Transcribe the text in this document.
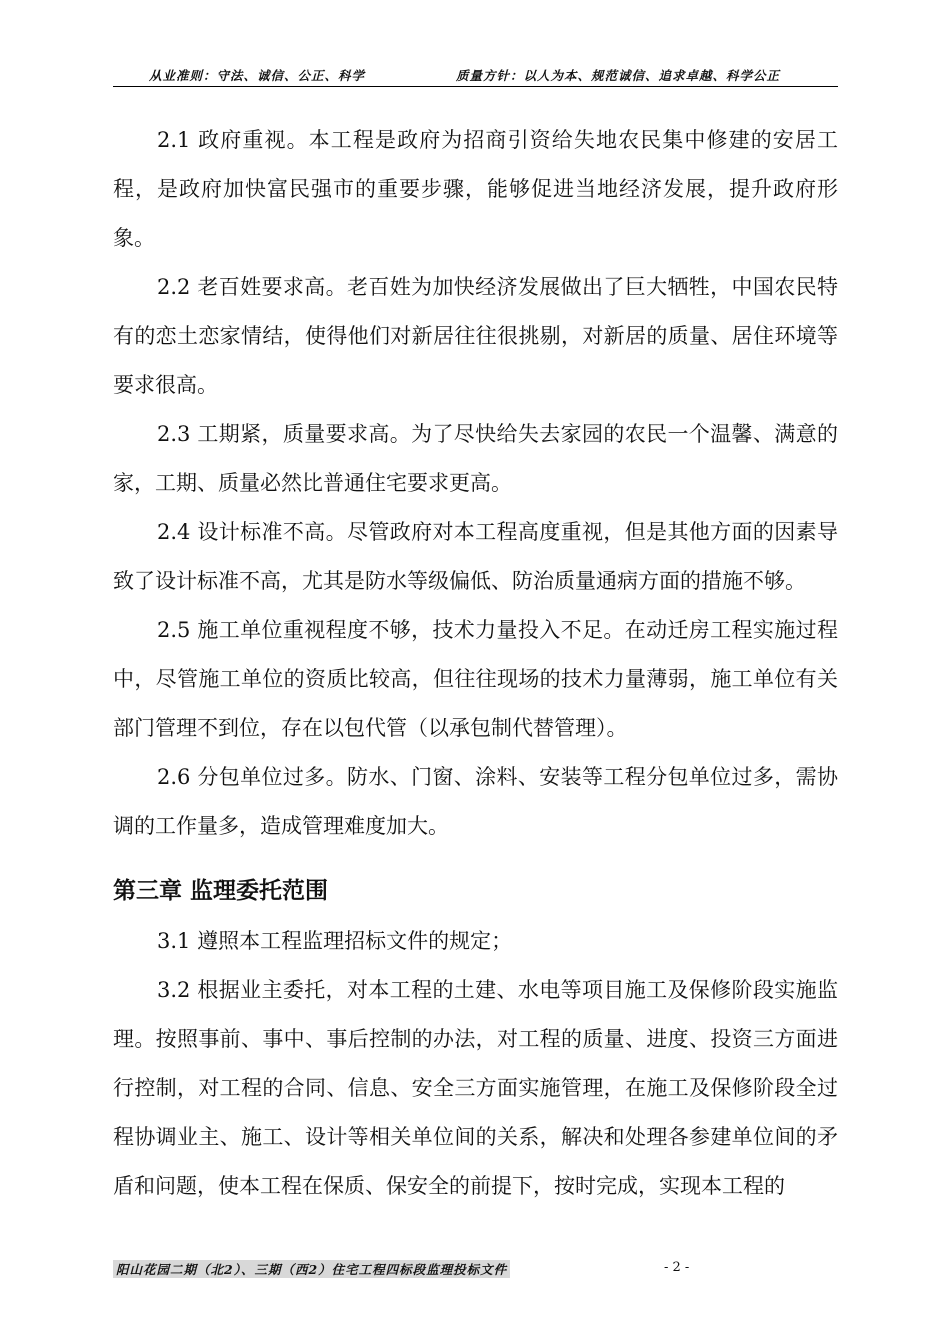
从业准则：守法、诚信、公正、科学	质量方针：以人为本、规范诚信、追求卓越、科学公正

2.1 政府重视。本工程是政府为招商引资给失地农民集中修建的安居工程，是政府加快富民强市的重要步骤，能够促进当地经济发展，提升政府形象。

2.2 老百姓要求高。老百姓为加快经济发展做出了巨大牺牲，中国农民特有的恋土恋家情结，使得他们对新居往往很挑剔，对新居的质量、居住环境等要求很高。

2.3 工期紧，质量要求高。为了尽快给失去家园的农民一个温馨、满意的家，工期、质量必然比普通住宅要求更高。

2.4 设计标准不高。尽管政府对本工程高度重视，但是其他方面的因素导致了设计标准不高，尤其是防水等级偏低、防治质量通病方面的措施不够。

2.5 施工单位重视程度不够，技术力量投入不足。在动迁房工程实施过程中，尽管施工单位的资质比较高，但往往现场的技术力量薄弱，施工单位有关部门管理不到位，存在以包代管（以承包制代替管理）。

2.6 分包单位过多。防水、门窗、涂料、安装等工程分包单位过多，需协调的工作量多，造成管理难度加大。

第三章 监理委托范围

3.1 遵照本工程监理招标文件的规定；

3.2 根据业主委托，对本工程的土建、水电等项目施工及保修阶段实施监理。按照事前、事中、事后控制的办法，对工程的质量、进度、投资三方面进行控制，对工程的合同、信息、安全三方面实施管理，在施工及保修阶段全过程协调业主、施工、设计等相关单位间的关系，解决和处理各参建单位间的矛盾和问题，使本工程在保质、保安全的前提下，按时完成，实现本工程的

阳山花园二期（北2）、三期（西2）住宅工程四标段监理投标文件	- 2 -
